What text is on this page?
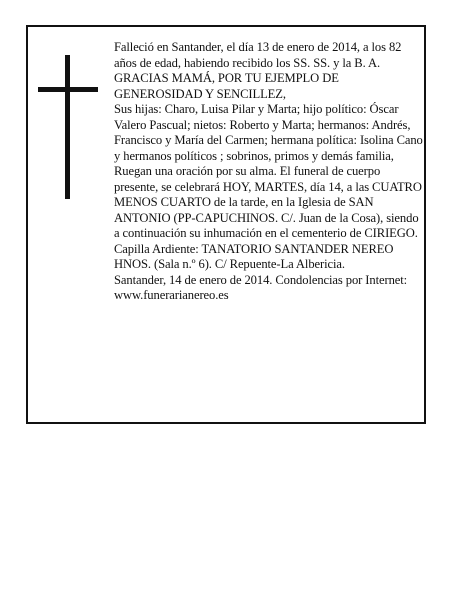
Falleció en Santander, el día 13 de enero de 2014, a los 82 años de edad, habiendo recibido los SS. SS. y la B. A.

GRACIAS MAMÁ, POR TU EJEMPLO DE GENEROSIDAD Y SENCILLEZ,

Sus hijas: Charo, Luisa Pilar y Marta; hijo político: Óscar Valero Pascual; nietos: Roberto y Marta; hermanos: Andrés, Francisco y María del Carmen; hermana política: Isolina Cano y hermanos políticos ; sobrinos, primos y demás familia,

Ruegan una oración por su alma. El funeral de cuerpo presente, se celebrará HOY, MARTES, día 14, a las CUATRO MENOS CUARTO de la tarde, en la Iglesia de SAN ANTONIO (PP-CAPUCHINOS. C/. Juan de la Cosa), siendo a continuación su inhumación en el cementerio de CIRIEGO. Capilla Ardiente: TANATORIO SANTANDER NEREO HNOS. (Sala n.º 6). C/ Repuente-La Albericia.

Santander, 14 de enero de 2014. Condolencias por Internet: www.funerarianereo.es
